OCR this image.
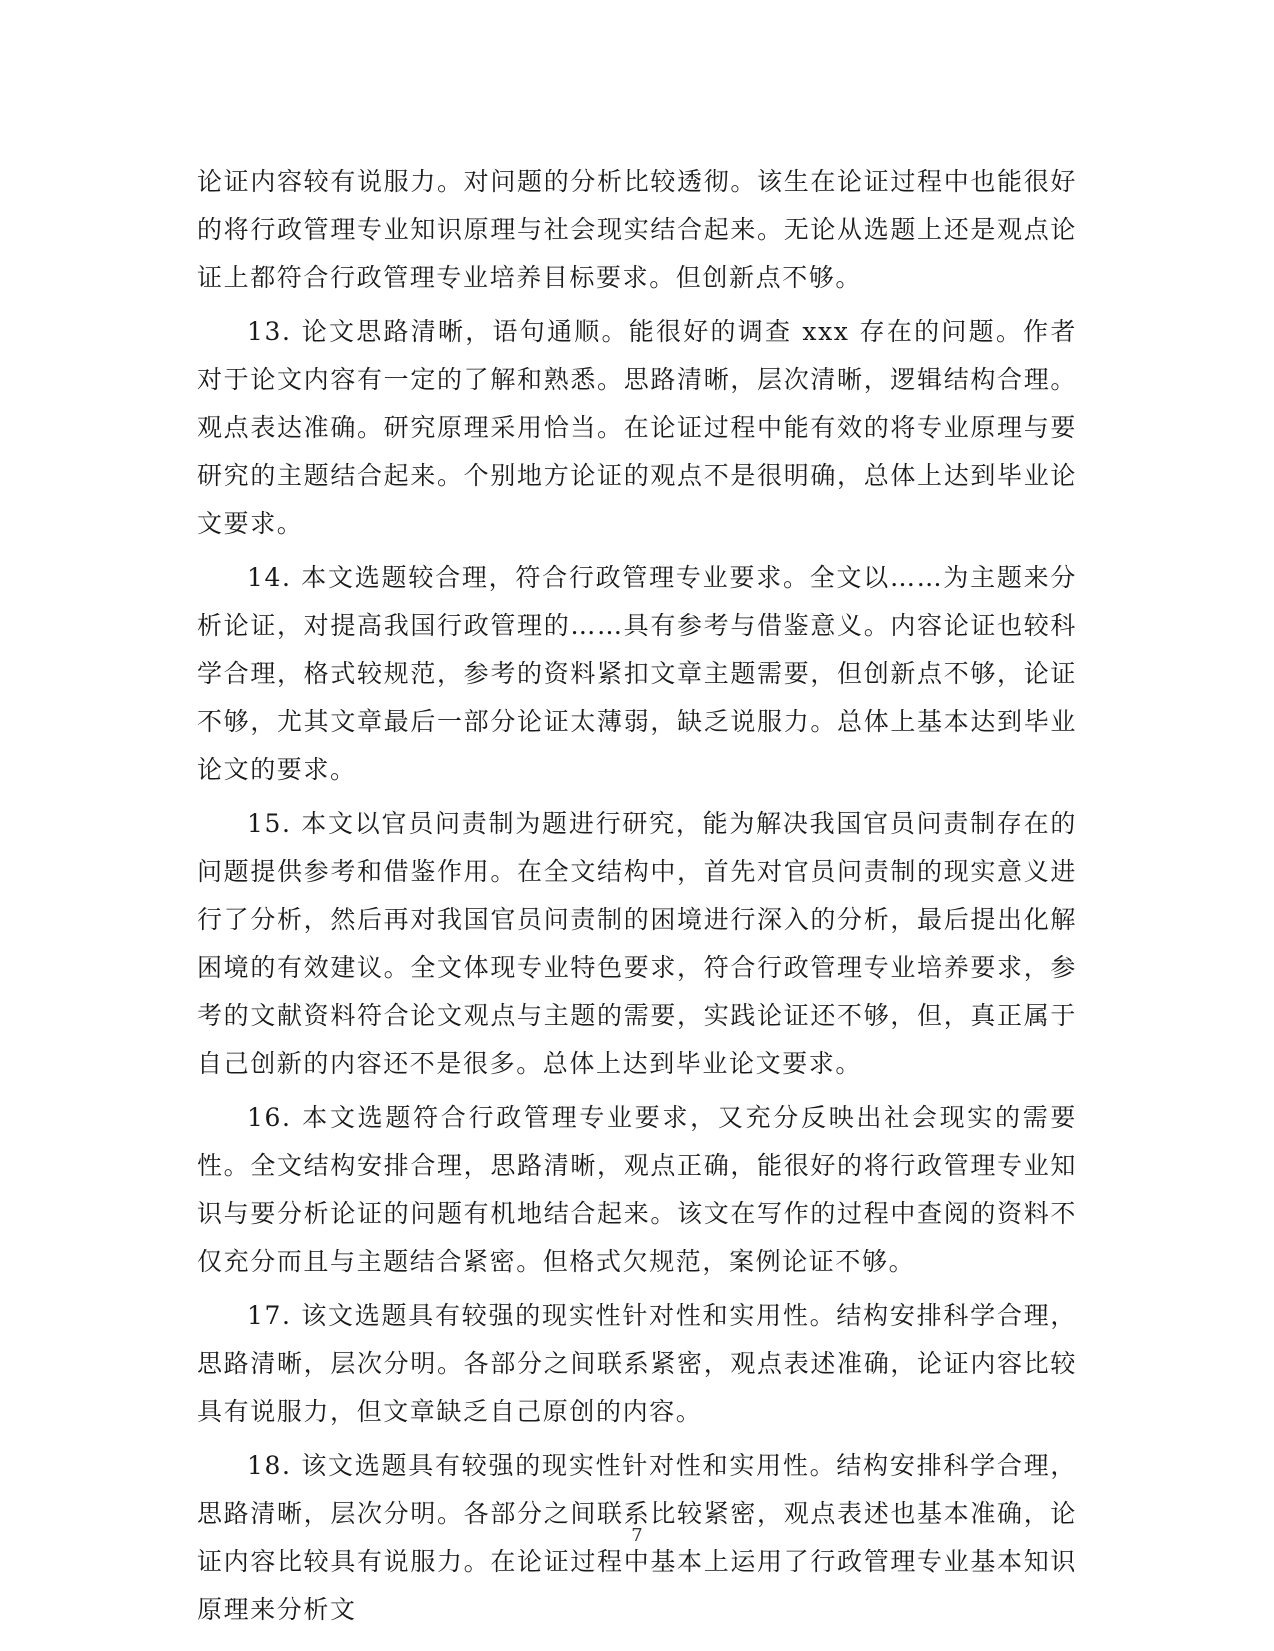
论证内容较有说服力。对问题的分析比较透彻。该生在论证过程中也能很好的将行政管理专业知识原理与社会现实结合起来。无论从选题上还是观点论证上都符合行政管理专业培养目标要求。但创新点不够。

13. 论文思路清晰，语句通顺。能很好的调查 xxx 存在的问题。作者对于论文内容有一定的了解和熟悉。思路清晰，层次清晰，逻辑结构合理。观点表达准确。研究原理采用恰当。在论证过程中能有效的将专业原理与要研究的主题结合起来。个别地方论证的观点不是很明确，总体上达到毕业论文要求。

14. 本文选题较合理，符合行政管理专业要求。全文以……为主题来分析论证，对提高我国行政管理的……具有参考与借鉴意义。内容论证也较科学合理，格式较规范，参考的资料紧扣文章主题需要，但创新点不够，论证不够，尤其文章最后一部分论证太薄弱，缺乏说服力。总体上基本达到毕业论文的要求。

15. 本文以官员问责制为题进行研究，能为解决我国官员问责制存在的问题提供参考和借鉴作用。在全文结构中，首先对官员问责制的现实意义进行了分析，然后再对我国官员问责制的困境进行深入的分析，最后提出化解困境的有效建议。全文体现专业特色要求，符合行政管理专业培养要求，参考的文献资料符合论文观点与主题的需要，实践论证还不够，但，真正属于自己创新的内容还不是很多。总体上达到毕业论文要求。

16. 本文选题符合行政管理专业要求，又充分反映出社会现实的需要性。全文结构安排合理，思路清晰，观点正确，能很好的将行政管理专业知识与要分析论证的问题有机地结合起来。该文在写作的过程中查阅的资料不仅充分而且与主题结合紧密。但格式欠规范，案例论证不够。

17. 该文选题具有较强的现实性针对性和实用性。结构安排科学合理，思路清晰，层次分明。各部分之间联系紧密，观点表述准确，论证内容比较具有说服力，但文章缺乏自己原创的内容。

18. 该文选题具有较强的现实性针对性和实用性。结构安排科学合理，思路清晰，层次分明。各部分之间联系比较紧密，观点表述也基本准确，论证内容比较具有说服力。在论证过程中基本上运用了行政管理专业基本知识原理来分析文

7
